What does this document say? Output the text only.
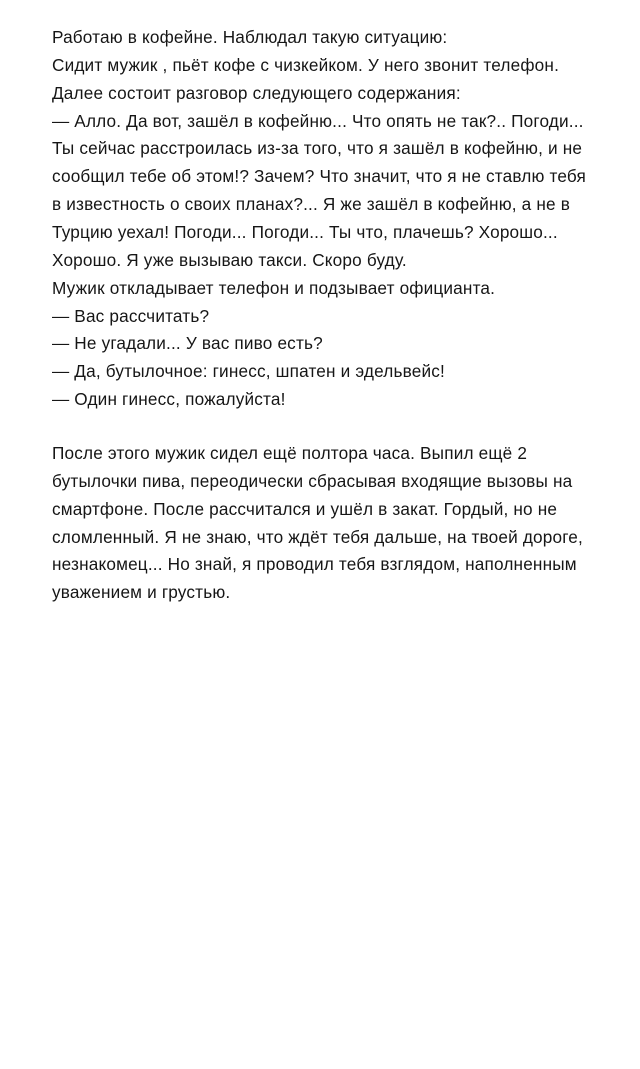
Работаю в кофейне. Наблюдал такую ситуацию:

Сидит мужик , пьёт кофе с чизкейком. У него звонит телефон. Далее состоит разговор следующего содержания:

— Алло. Да вот, зашёл в кофейню... Что опять не так?.. Погоди... Ты сейчас расстроилась из-за того, что я зашёл в кофейню, и не сообщил тебе об этом!? Зачем? Что значит, что я не ставлю тебя в известность о своих планах?... Я же зашёл в кофейню, а не в Турцию уехал! Погоди... Погоди... Ты что, плачешь? Хорошо... Хорошо. Я уже вызываю такси. Скоро буду.

Мужик откладывает телефон и подзывает официанта.

— Вас рассчитать?

— Не угадали... У вас пиво есть?

— Да, бутылочное: гинесс, шпатен и эдельвейс!

— Один гинесс, пожалуйста!

После этого мужик сидел ещё полтора часа. Выпил ещё 2 бутылочки пива, переодически сбрасывая входящие вызовы на смартфоне. После рассчитался и ушёл в закат. Гордый, но не сломленный. Я не знаю, что ждёт тебя дальше, на твоей дороге, незнакомец... Но знай, я проводил тебя взглядом, наполненным уважением и грустью.
